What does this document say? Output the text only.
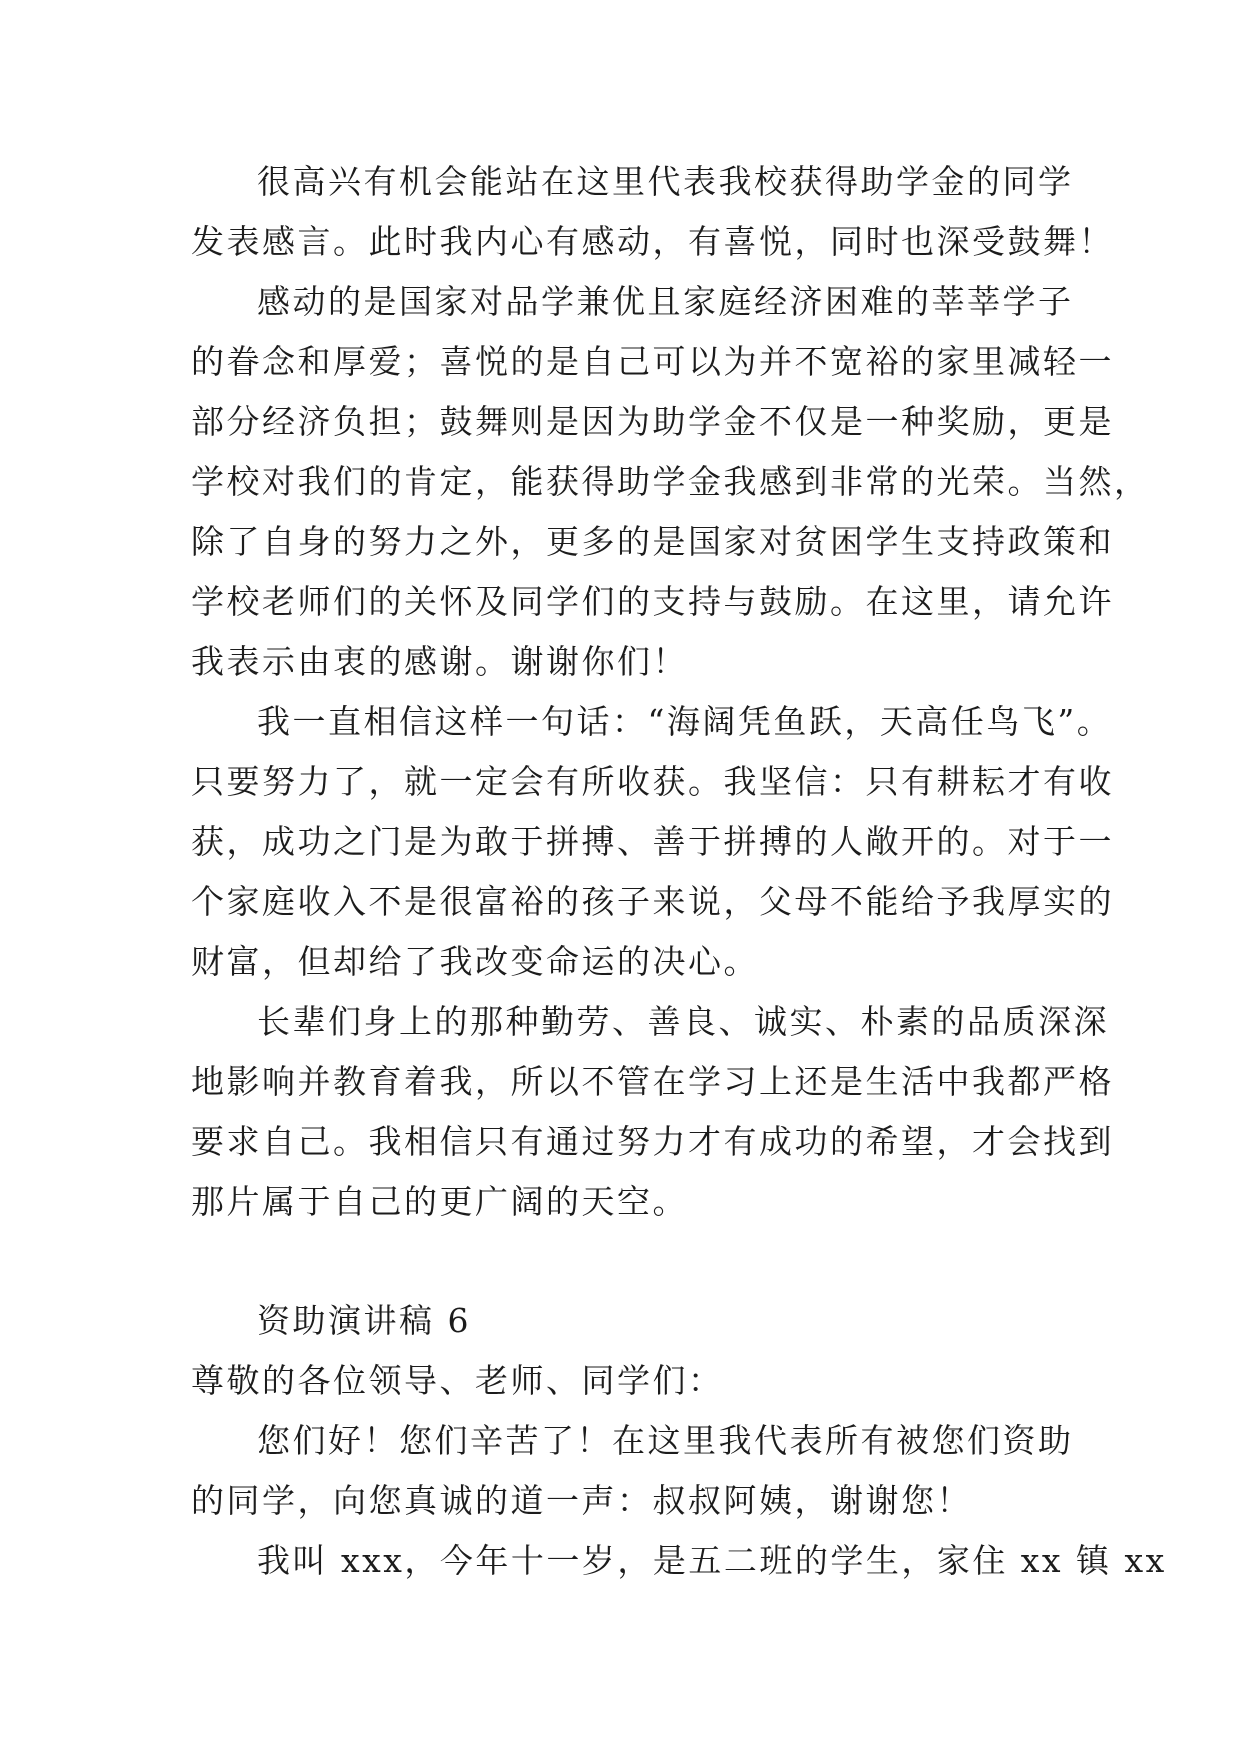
很高兴有机会能站在这里代表我校获得助学金的同学
发表感言。此时我内心有感动，有喜悦，同时也深受鼓舞！
感动的是国家对品学兼优且家庭经济困难的莘莘学子
的眷念和厚爱；喜悦的是自己可以为并不宽裕的家里减轻一
部分经济负担；鼓舞则是因为助学金不仅是一种奖励，更是
学校对我们的肯定，能获得助学金我感到非常的光荣。当然，
除了自身的努力之外，更多的是国家对贫困学生支持政策和
学校老师们的关怀及同学们的支持与鼓励。在这里，请允许
我表示由衷的感谢。谢谢你们！
我一直相信这样一句话：“海阔凭鱼跃，天高任鸟飞”。
只要努力了，就一定会有所收获。我坚信：只有耕耘才有收
获，成功之门是为敢于拼搏、善于拼搏的人敞开的。对于一
个家庭收入不是很富裕的孩子来说，父母不能给予我厚实的
财富，但却给了我改变命运的决心。
长辈们身上的那种勤劳、善良、诚实、朴素的品质深深
地影响并教育着我，所以不管在学习上还是生活中我都严格
要求自己。我相信只有通过努力才有成功的希望，才会找到
那片属于自己的更广阔的天空。
资助演讲稿 6
尊敬的各位领导、老师、同学们：
您们好！您们辛苦了！在这里我代表所有被您们资助
的同学，向您真诚的道一声：叔叔阿姨，谢谢您！
我叫 xxx，今年十一岁，是五二班的学生，家住 xx 镇 xx
